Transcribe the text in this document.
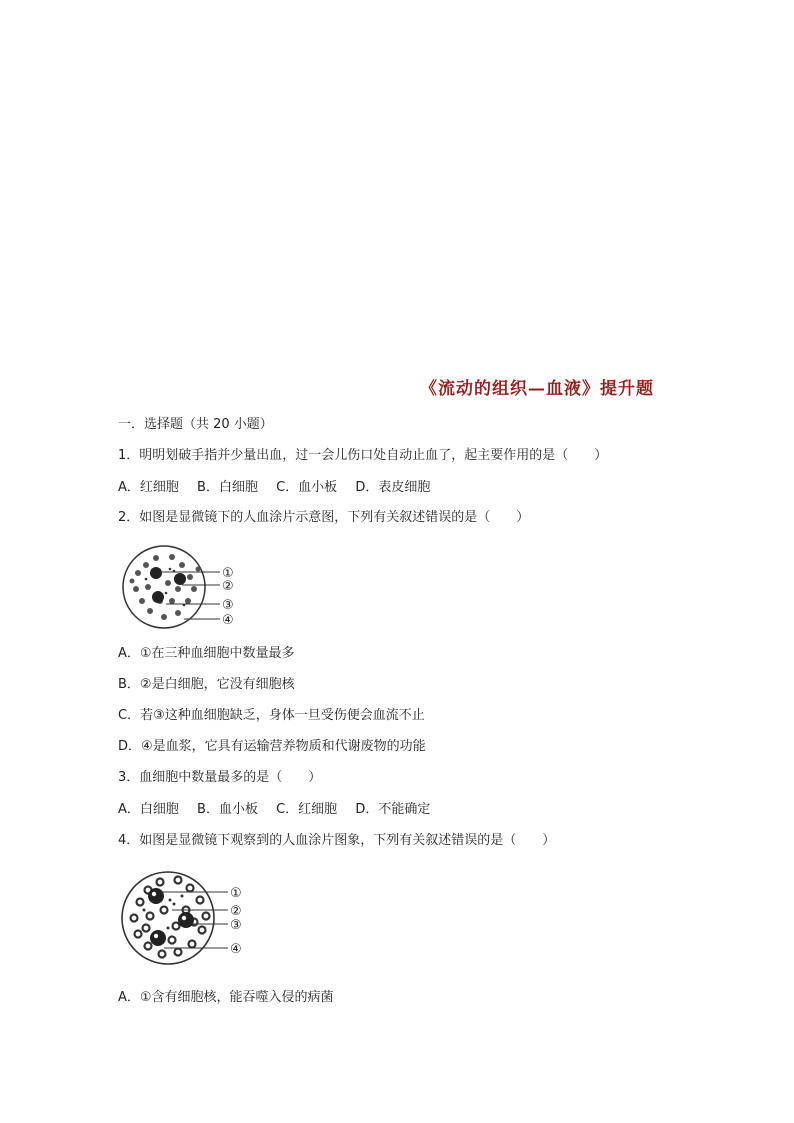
《流动的组织—血液》提升题
一．选择题（共 20 小题）
1．明明划破手指并少量出血，过一会儿伤口处自动止血了，起主要作用的是（　　）
A．红细胞 B．白细胞 C．血小板 D．表皮细胞
2．如图是显微镜下的人血涂片示意图，下列有关叙述错误的是（　　）
①
②
③
④
A．①在三种血细胞中数量最多
B．②是白细胞，它没有细胞核
C．若③这种血细胞缺乏，身体一旦受伤便会血流不止
D．④是血浆，它具有运输营养物质和代谢废物的功能
3．血细胞中数量最多的是（　　）
A．白细胞 B．血小板 C．红细胞 D．不能确定
4．如图是显微镜下观察到的人血涂片图象，下列有关叙述错误的是（　　）
①
②
③
④
A．①含有细胞核，能吞噬入侵的病菌
